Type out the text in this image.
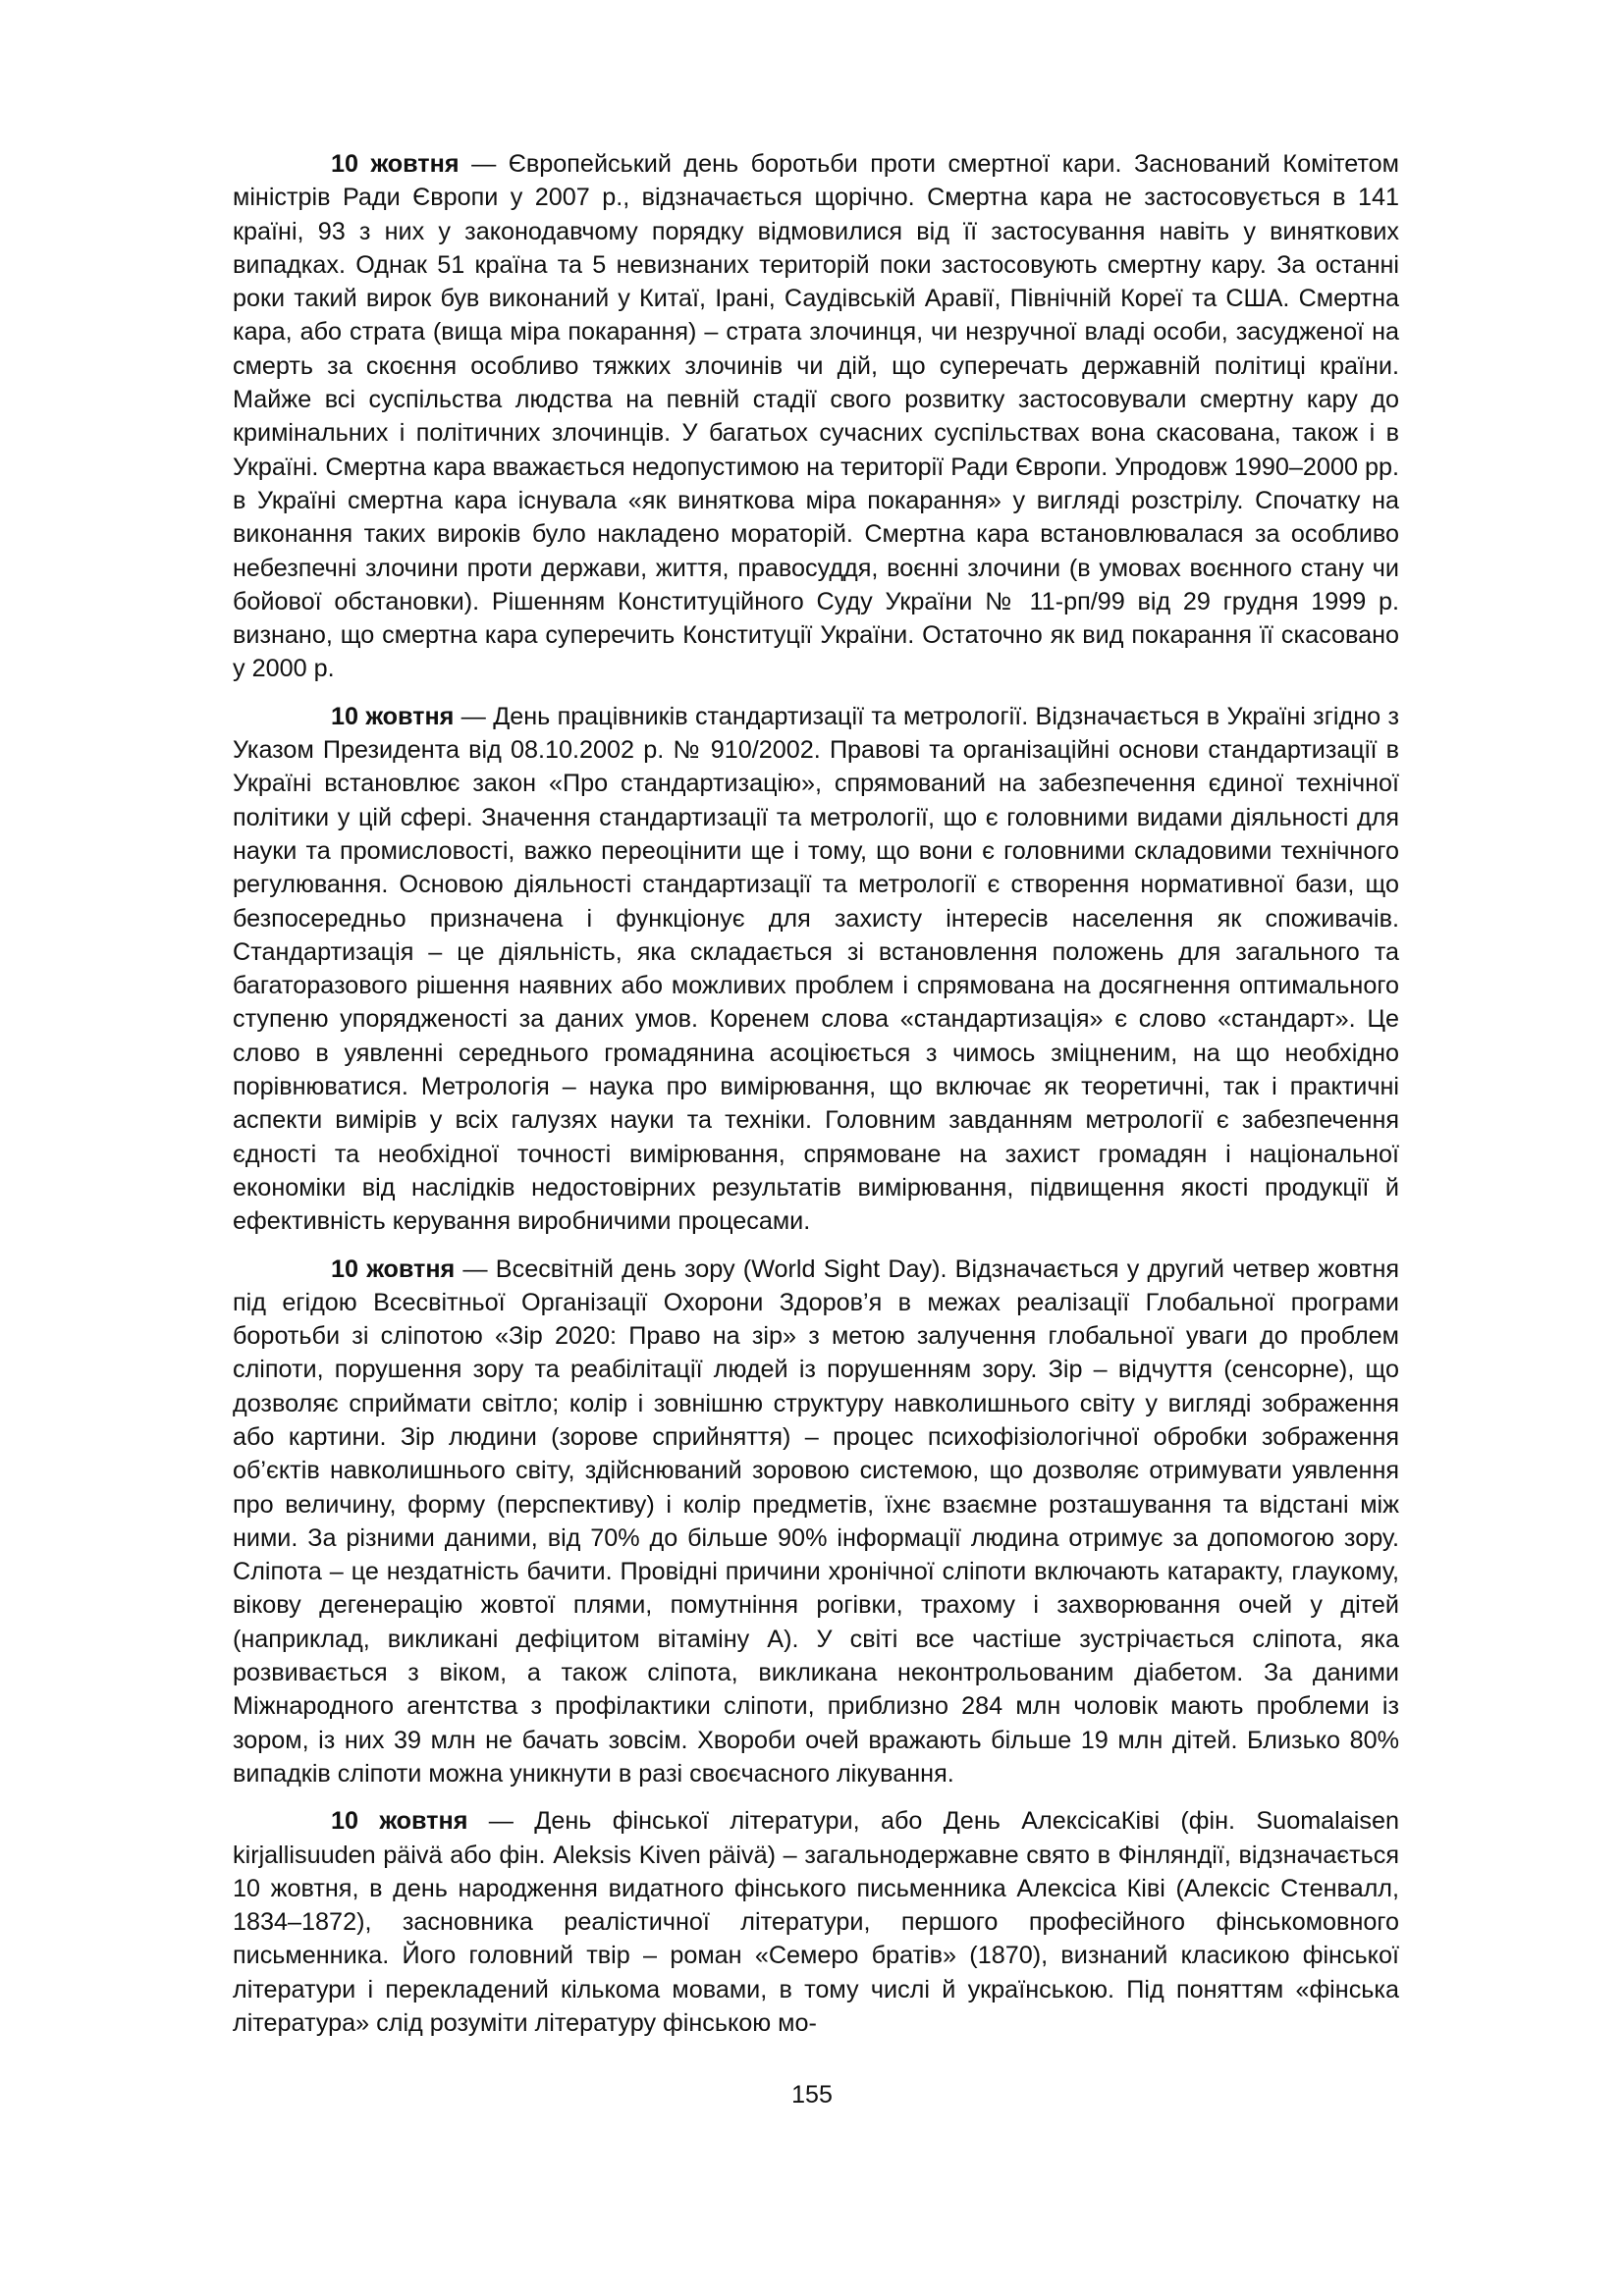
10 жовтня — Європейський день боротьби проти смертної кари. Заснований Комітетом міністрів Ради Європи у 2007 р., відзначається щорічно. Смертна кара не застосовується в 141 країні, 93 з них у законодавчому порядку відмовилися від її застосування навіть у виняткових випадках. Однак 51 країна та 5 невизнаних територій поки застосовують смертну кару. За останні роки такий вирок був виконаний у Китаї, Ірані, Саудівській Аравії, Північній Кореї та США. Смертна кара, або страта (вища міра покарання) – страта злочинця, чи незручної владі особи, засудженої на смерть за скоєння особливо тяжких злочинів чи дій, що суперечать державній політиці країни. Майже всі суспільства людства на певній стадії свого розвитку застосовували смертну кару до кримінальних і політичних злочинців. У багатьох сучасних суспільствах вона скасована, також і в Україні. Смертна кара вважається недопустимою на території Ради Європи. Упродовж 1990–2000 рр. в Україні смертна кара існувала «як виняткова міра покарання» у вигляді розстрілу. Спочатку на виконання таких вироків було накладено мораторій. Смертна кара встановлювалася за особливо небезпечні злочини проти держави, життя, правосуддя, воєнні злочини (в умовах воєнного стану чи бойової обстановки). Рішенням Конституційного Суду України № 11-рп/99 від 29 грудня 1999 р. визнано, що смертна кара суперечить Конституції України. Остаточно як вид покарання її скасовано у 2000 р.

10 жовтня — День працівників стандартизації та метрології. Відзначається в Україні згідно з Указом Президента від 08.10.2002 р. № 910/2002. Правові та організаційні основи стандартизації в Україні встановлює закон «Про стандартизацію», спрямований на забезпечення єдиної технічної політики у цій сфері. Значення стандартизації та метрології, що є головними видами діяльності для науки та промисловості, важко переоцінити ще і тому, що вони є головними складовими технічного регулювання. Основою діяльності стандартизації та метрології є створення нормативної бази, що безпосередньо призначена і функціонує для захисту інтересів населення як споживачів. Стандартизація – це діяльність, яка складається зі встановлення положень для загального та багаторазового рішення наявних або можливих проблем і спрямована на досягнення оптимального ступеню упорядженості за даних умов. Коренем слова «стандартизація» є слово «стандарт». Це слово в уявленні середнього громадянина асоціюється з чимось зміцненим, на що необхідно порівнюватися. Метрологія – наука про вимірювання, що включає як теоретичні, так і практичні аспекти вимірів у всіх галузях науки та техніки. Головним завданням метрології є забезпечення єдності та необхідної точності вимірювання, спрямоване на захист громадян і національної економіки від наслідків недостовірних результатів вимірювання, підвищення якості продукції й ефективність керування виробничими процесами.

10 жовтня — Всесвітній день зору (World Sight Day). Відзначається у другий четвер жовтня під егідою Всесвітньої Організації Охорони Здоров’я в межах реалізації Глобальної програми боротьби зі сліпотою «Зір 2020: Право на зір» з метою залучення глобальної уваги до проблем сліпоти, порушення зору та реабілітації людей із порушенням зору. Зір – відчуття (сенсорне), що дозволяє сприймати світло; колір і зовнішню структуру навколишнього світу у вигляді зображення або картини. Зір людини (зорове сприйняття) – процес психофізіологічної обробки зображення об’єктів навколишнього світу, здійснюваний зоровою системою, що дозволяє отримувати уявлення про величину, форму (перспективу) і колір предметів, їхнє взаємне розташування та відстані між ними. За різними даними, від 70% до більше 90% інформації людина отримує за допомогою зору. Сліпота – це нездатність бачити. Провідні причини хронічної сліпоти включають катаракту, глаукому, вікову дегенерацію жовтої плями, помутніння рогівки, трахому і захворювання очей у дітей (наприклад, викликані дефіцитом вітаміну А). У світі все частіше зустрічається сліпота, яка розвивається з віком, а також сліпота, викликана неконтрольованим діабетом. За даними Міжнародного агентства з профілактики сліпоти, приблизно 284 млн чоловік мають проблеми із зором, із них 39 млн не бачать зовсім. Хвороби очей вражають більше 19 млн дітей. Близько 80% випадків сліпоти можна уникнути в разі своєчасного лікування.

10 жовтня — День фінської літератури, або День АлексісаКіві (фін. Suomalaisen kirjallisuuden päivä або фін. Aleksis Kiven päivä) – загальнодержавне свято в Фінляндії, відзначається 10 жовтня, в день народження видатного фінського письменника Алексіса Ківі (Алексіс Стенвалл, 1834–1872), засновника реалістичної літератури, першого професійного фінськомовного письменника. Його головний твір – роман «Семеро братів» (1870), визнаний класикою фінської літератури і перекладений кількома мовами, в тому числі й українською. Під поняттям «фінська література» слід розуміти літературу фінською мо-

155
